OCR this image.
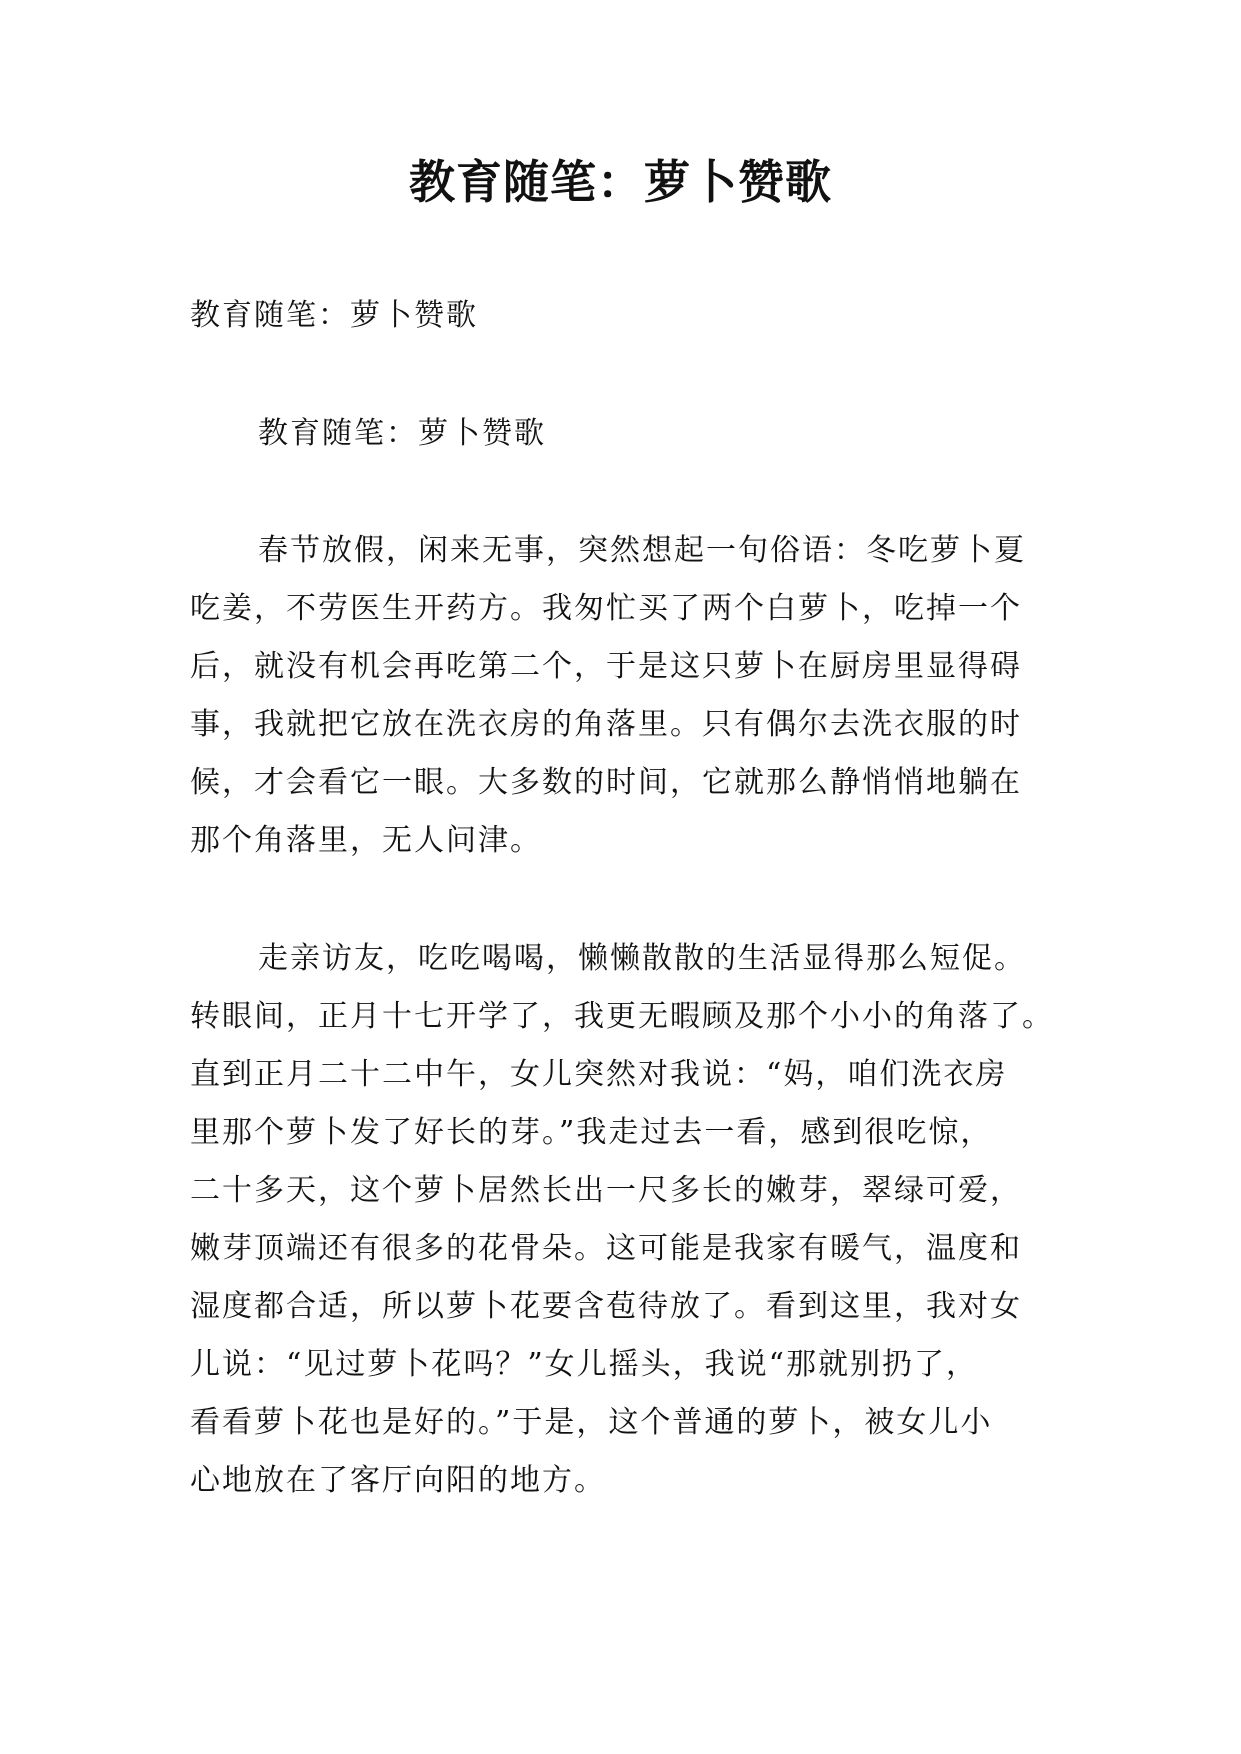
教育随笔：萝卜赞歌

教育随笔：萝卜赞歌

教育随笔：萝卜赞歌

春节放假，闲来无事，突然想起一句俗语：冬吃萝卜夏
吃姜，不劳医生开药方。我匆忙买了两个白萝卜，吃掉一个
后，就没有机会再吃第二个，于是这只萝卜在厨房里显得碍
事，我就把它放在洗衣房的角落里。只有偶尔去洗衣服的时
候，才会看它一眼。大多数的时间，它就那么静悄悄地躺在
那个角落里，无人问津。

走亲访友，吃吃喝喝，懒懒散散的生活显得那么短促。
转眼间，正月十七开学了，我更无暇顾及那个小小的角落了。
直到正月二十二中午，女儿突然对我说：“妈，咱们洗衣房
里那个萝卜发了好长的芽。”我走过去一看，感到很吃惊，
二十多天，这个萝卜居然长出一尺多长的嫩芽，翠绿可爱，
嫩芽顶端还有很多的花骨朵。这可能是我家有暖气，温度和
湿度都合适，所以萝卜花要含苞待放了。看到这里，我对女
儿说：“见过萝卜花吗？”女儿摇头，我说“那就别扔了，
看看萝卜花也是好的。”于是，这个普通的萝卜，被女儿小
心地放在了客厅向阳的地方。
